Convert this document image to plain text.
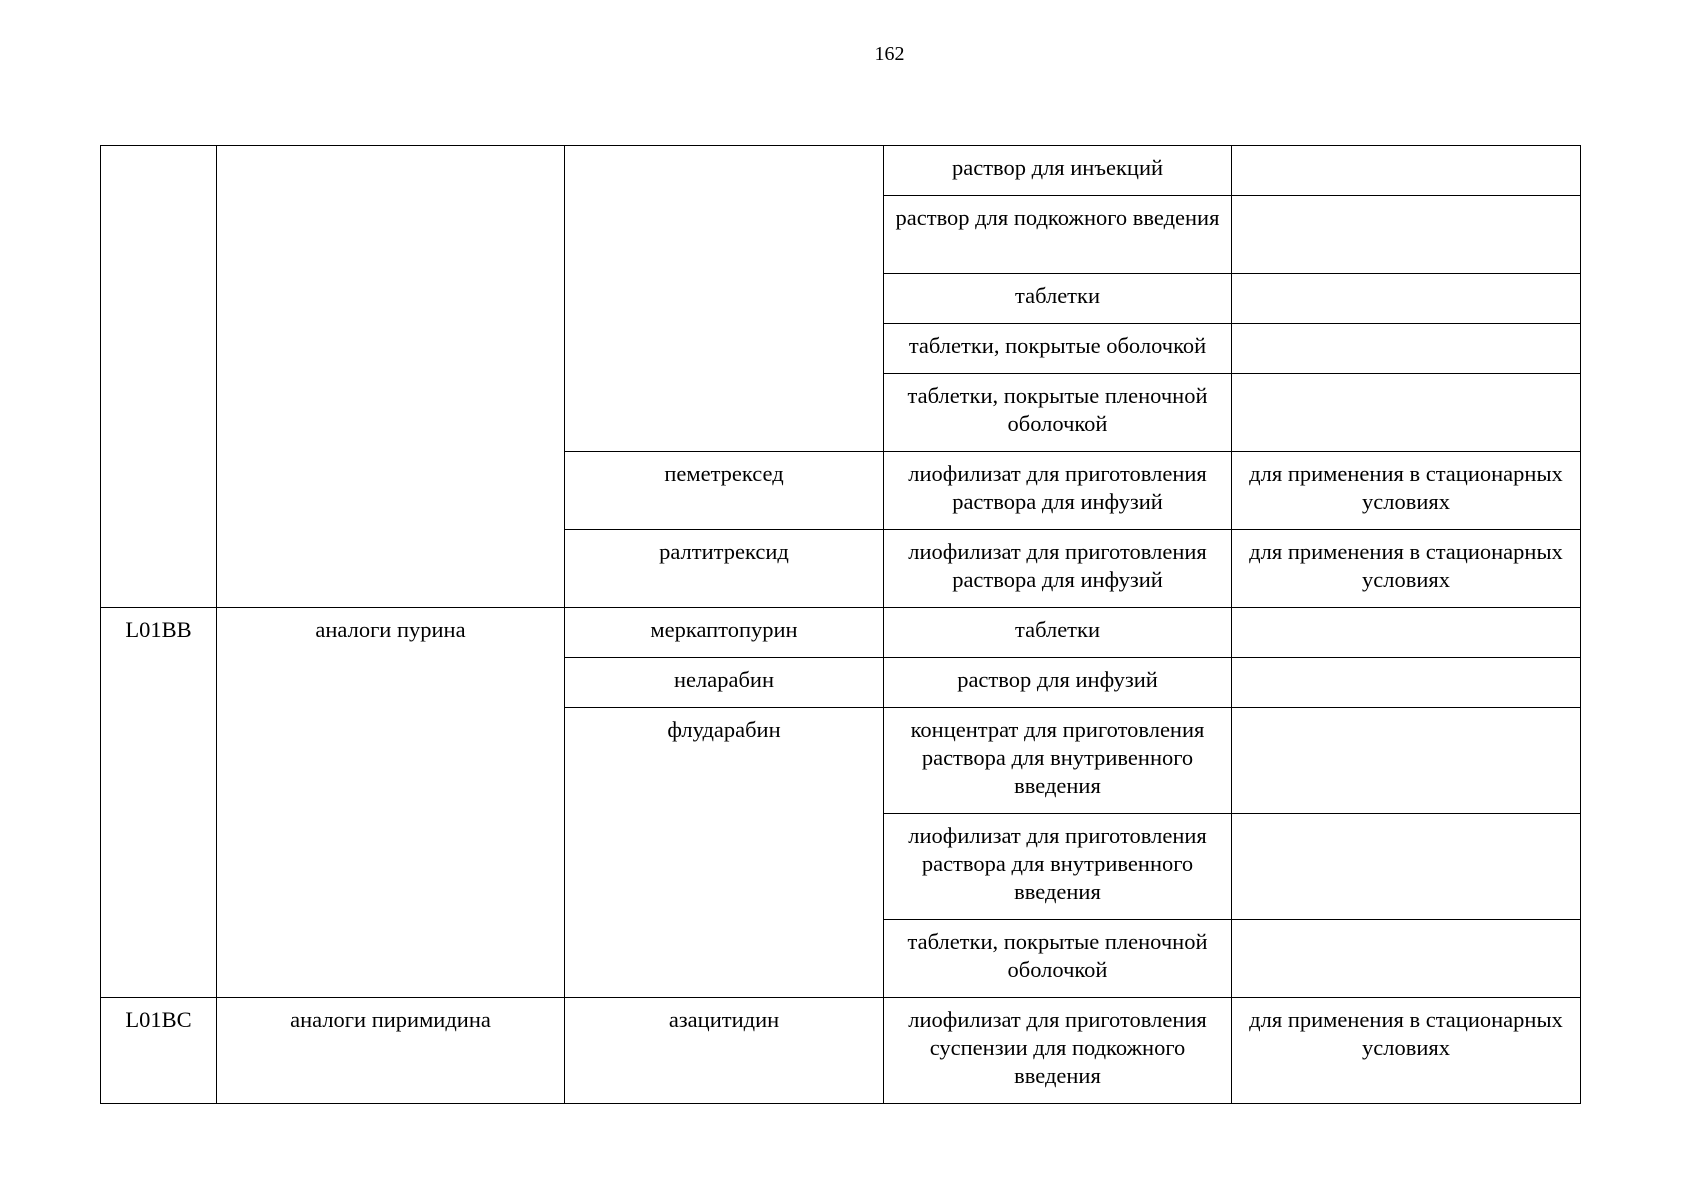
162
			раствор для инъекций	
			раствор для подкожного введения	
			таблетки	
			таблетки, покрытые оболочкой	
			таблетки, покрытые пленочной оболочкой	
		пеметрексед	лиофилизат для приготовления раствора для инфузий	для применения в стационарных условиях
		ралтитрексид	лиофилизат для приготовления раствора для инфузий	для применения в стационарных условиях
L01BB	аналоги пурина	меркаптопурин	таблетки	
		неларабин	раствор для инфузий	
		флударабин	концентрат для приготовления раствора для внутривенного введения	
			лиофилизат для приготовления раствора для внутривенного введения	
			таблетки, покрытые пленочной оболочкой	
L01BC	аналоги пиримидина	азацитидин	лиофилизат для приготовления суспензии для подкожного введения	для применения в стационарных условиях
